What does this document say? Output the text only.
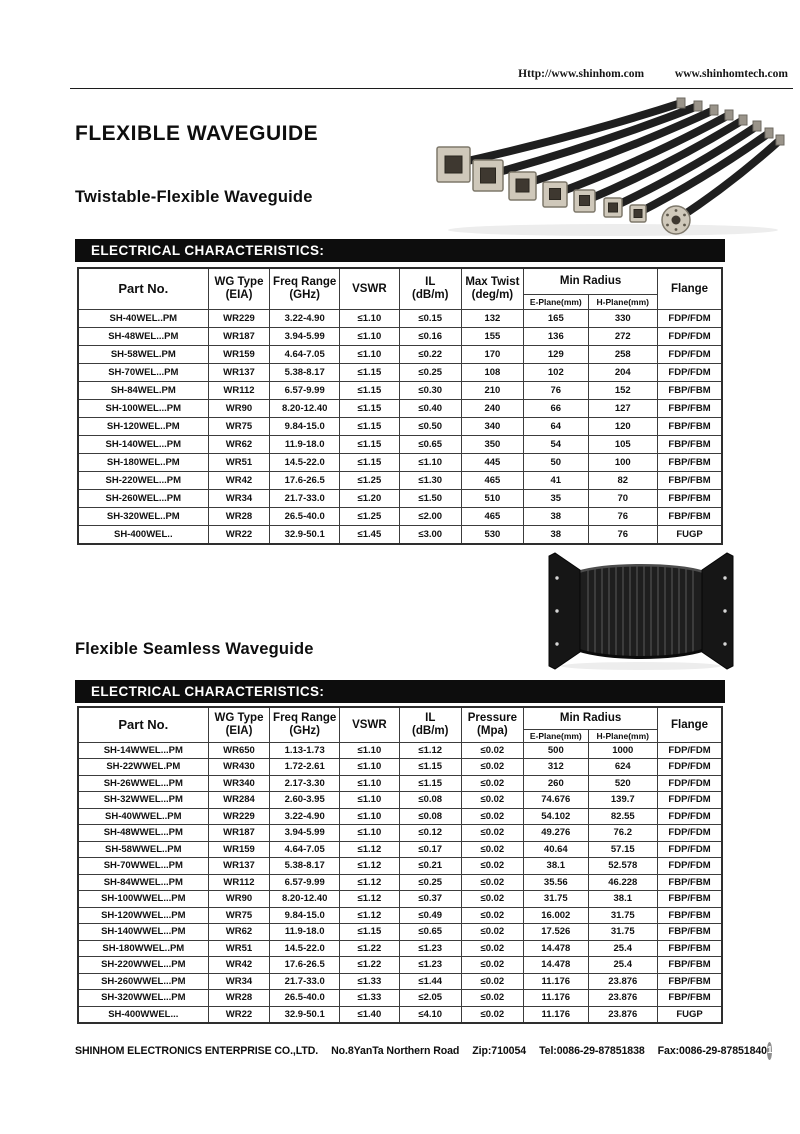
Http://www.shinhom.com	www.shinhomtech.com
FLEXIBLE WAVEGUIDE
Twistable-Flexible Waveguide
ELECTRICAL CHARACTERISTICS:
Part No.	WG Type
(EIA)

Freq Range
(GHz)	VSWR	
IL
(dB/m)

Max Twist
(deg/m)
	Min Radius	Flange
						E-Plane(mm)	H-Plane(mm)	
SH-40WEL..PM	WR229	3.22-4.90	≤1.10	≤0.15	132	165	330	FDP/FDM
SH-48WEL...PM	WR187	3.94-5.99	≤1.10	≤0.16	155	136	272	FDP/FDM
SH-58WEL.PM	WR159	4.64-7.05	≤1.10	≤0.22	170	129	258	FDP/FDM
SH-70WEL...PM	WR137	5.38-8.17	≤1.15	≤0.25	108	102	204	FDP/FDM
SH-84WEL.PM	WR112	6.57-9.99	≤1.15	≤0.30	210	76	152	FBP/FBM
SH-100WEL...PM	WR90	8.20-12.40	≤1.15	≤0.40	240	66	127	FBP/FBM
SH-120WEL..PM	WR75	9.84-15.0	≤1.15	≤0.50	340	64	120	FBP/FBM
SH-140WEL...PM	WR62	11.9-18.0	≤1.15	≤0.65	350	54	105	FBP/FBM
SH-180WEL..PM	WR51	14.5-22.0	≤1.15	≤1.10	445	50	100	FBP/FBM
SH-220WEL...PM	WR42	17.6-26.5	≤1.25	≤1.30	465	41	82	FBP/FBM
SH-260WEL...PM	WR34	21.7-33.0	≤1.20	≤1.50	510	35	70	FBP/FBM
SH-320WEL..PM	WR28	26.5-40.0	≤1.25	≤2.00	465	38	76	FBP/FBM
SH-400WEL..	WR22	32.9-50.1	≤1.45	≤3.00	530	38	76	FUGP
Flexible Seamless Waveguide
ELECTRICAL CHARACTERISTICS:
Part No.	WG Type
(EIA)

Freq Range
(GHz)	VSWR	
IL
(dB/m)

Pressure
(Mpa)
	Min Radius	Flange
						E-Plane(mm)	H-Plane(mm)	
SH-14WWEL...PM	WR650	1.13-1.73	≤1.10	≤1.12	≤0.02	500	1000	FDP/FDM
SH-22WWEL.PM	WR430	1.72-2.61	≤1.10	≤1.15	≤0.02	312	624	FDP/FDM
SH-26WWEL...PM	WR340	2.17-3.30	≤1.10	≤1.15	≤0.02	260	520	FDP/FDM
SH-32WWEL...PM	WR284	2.60-3.95	≤1.10	≤0.08	≤0.02	74.676	139.7	FDP/FDM
SH-40WWEL..PM	WR229	3.22-4.90	≤1.10	≤0.08	≤0.02	54.102	82.55	FDP/FDM
SH-48WWEL...PM	WR187	3.94-5.99	≤1.10	≤0.12	≤0.02	49.276	76.2	FDP/FDM
SH-58WWEL..PM	WR159	4.64-7.05	≤1.12	≤0.17	≤0.02	40.64	57.15	FDP/FDM
SH-70WWEL...PM	WR137	5.38-8.17	≤1.12	≤0.21	≤0.02	38.1	52.578	FDP/FDM
SH-84WWEL...PM	WR112	6.57-9.99	≤1.12	≤0.25	≤0.02	35.56	46.228	FBP/FBM
SH-100WWEL...PM	WR90	8.20-12.40	≤1.12	≤0.37	≤0.02	31.75	38.1	FBP/FBM
SH-120WWEL...PM	WR75	9.84-15.0	≤1.12	≤0.49	≤0.02	16.002	31.75	FBP/FBM
SH-140WWEL...PM	WR62	11.9-18.0	≤1.15	≤0.65	≤0.02	17.526	31.75	FBP/FBM
SH-180WWEL..PM	WR51	14.5-22.0	≤1.22	≤1.23	≤0.02	14.478	25.4	FBP/FBM
SH-220WWEL...PM	WR42	17.6-26.5	≤1.22	≤1.23	≤0.02	14.478	25.4	FBP/FBM
SH-260WWEL...PM	WR34	21.7-33.0	≤1.33	≤1.44	≤0.02	11.176	23.876	FBP/FBM
SH-320WWEL...PM	WR28	26.5-40.0	≤1.33	≤2.05	≤0.02	11.176	23.876	FBP/FBM
SH-400WWEL...	WR22	32.9-50.1	≤1.40	≤4.10	≤0.02	11.176	23.876	FUGP
SHINHOM ELECTRONICS ENTERPRISE CO.,LTD. No.8YanTa Northern Road Zip:710054 Tel:0086-29-87851838 Fax:0086-29-87851840 1
